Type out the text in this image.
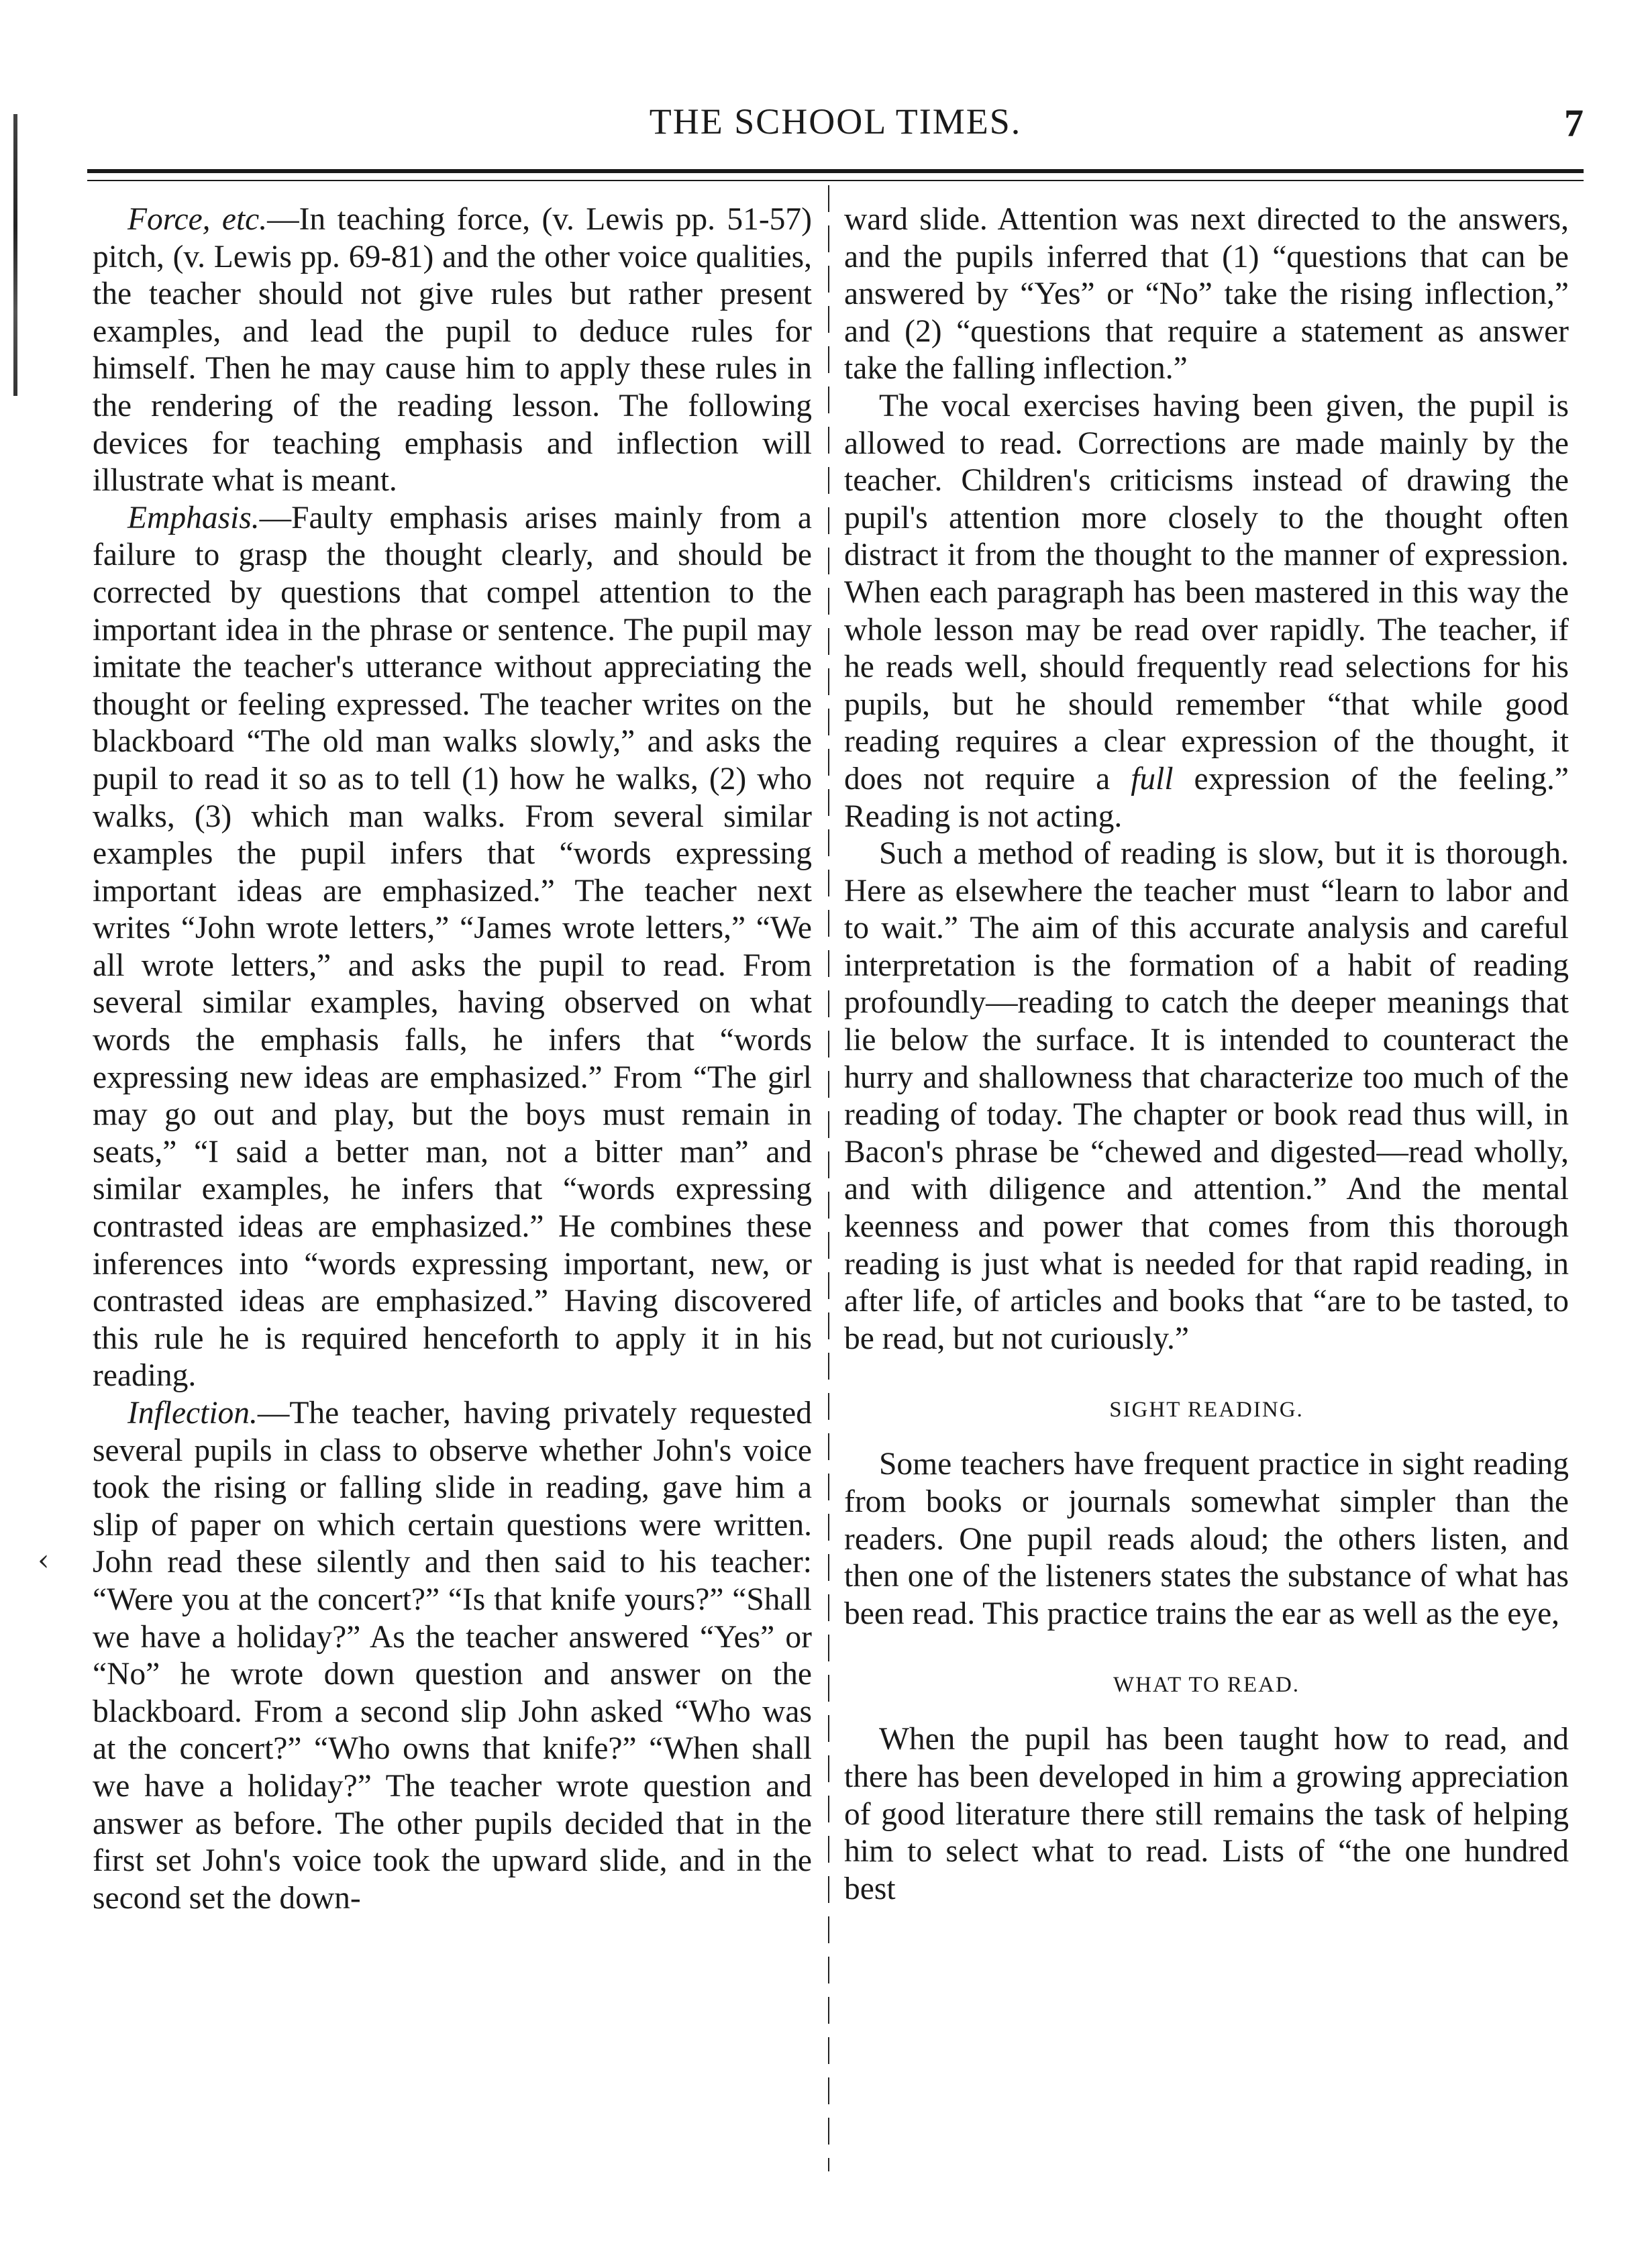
THE SCHOOL TIMES.	7
‹

Force, etc.—In teaching force, (v. Lewis pp. 51-57) pitch, (v. Lewis pp. 69-81) and the other voice qualities, the teacher should not give rules but rather present examples, and lead the pupil to deduce rules for himself. Then he may cause him to apply these rules in the rendering of the reading lesson. The following devices for teaching emphasis and inflection will illustrate what is meant.

Emphasis.—Faulty emphasis arises mainly from a failure to grasp the thought clearly, and should be corrected by questions that compel attention to the important idea in the phrase or sentence. The pupil may imitate the teacher's utterance without appreciating the thought or feeling expressed. The teacher writes on the blackboard “The old man walks slowly,” and asks the pupil to read it so as to tell (1) how he walks, (2) who walks, (3) which man walks. From several similar examples the pupil infers that “words expressing important ideas are emphasized.” The teacher next writes “John wrote letters,” “James wrote letters,” “We all wrote letters,” and asks the pupil to read. From several similar examples, having observed on what words the emphasis falls, he infers that “words expressing new ideas are emphasized.” From “The girl may go out and play, but the boys must remain in seats,” “I said a better man, not a bitter man” and similar examples, he infers that “words expressing contrasted ideas are emphasized.” He combines these inferences into “words expressing important, new, or contrasted ideas are emphasized.” Having discovered this rule he is required henceforth to apply it in his reading.

Inflection.—The teacher, having privately requested several pupils in class to observe whether John's voice took the rising or falling slide in reading, gave him a slip of paper on which certain questions were written. John read these silently and then said to his teacher: “Were you at the concert?” “Is that knife yours?” “Shall we have a holiday?” As the teacher answered “Yes” or “No” he wrote down question and answer on the blackboard. From a second slip John asked “Who was at the concert?” “Who owns that knife?” “When shall we have a holiday?” The teacher wrote question and answer as before. The other pupils decided that in the first set John's voice took the upward slide, and in the second set the down-

ward slide. Attention was next directed to the answers, and the pupils inferred that (1) “questions that can be answered by “Yes” or “No” take the rising inflection,” and (2) “questions that require a statement as answer take the falling inflection.”

The vocal exercises having been given, the pupil is allowed to read. Corrections are made mainly by the teacher. Children's criticisms instead of drawing the pupil's attention more closely to the thought often distract it from the thought to the manner of expression. When each paragraph has been mastered in this way the whole lesson may be read over rapidly. The teacher, if he reads well, should frequently read selections for his pupils, but he should remember “that while good reading requires a clear expression of the thought, it does not require a full expression of the feeling.” Reading is not acting.

Such a method of reading is slow, but it is thorough. Here as elsewhere the teacher must “learn to labor and to wait.” The aim of this accurate analysis and careful interpretation is the formation of a habit of reading profoundly—reading to catch the deeper meanings that lie below the surface. It is intended to counteract the hurry and shallowness that characterize too much of the reading of today. The chapter or book read thus will, in Bacon's phrase be “chewed and digested—read wholly, and with diligence and attention.” And the mental keenness and power that comes from this thorough reading is just what is needed for that rapid reading, in after life, of articles and books that “are to be tasted, to be read, but not curiously.”

SIGHT READING.

Some teachers have frequent practice in sight reading from books or journals somewhat simpler than the readers. One pupil reads aloud; the others listen, and then one of the listeners states the substance of what has been read. This practice trains the ear as well as the eye,

WHAT TO READ.

When the pupil has been taught how to read, and there has been developed in him a growing appreciation of good literature there still remains the task of helping him to select what to read. Lists of “the one hundred best
